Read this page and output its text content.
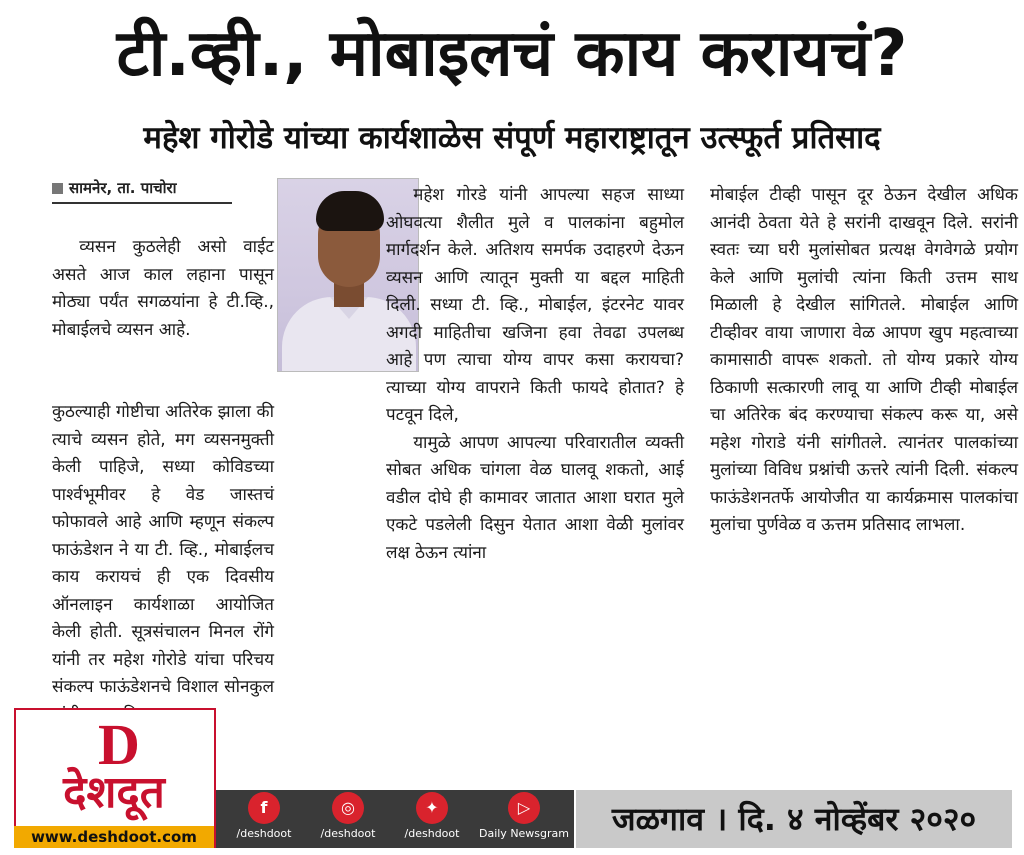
टी.व्ही., मोबाइलचं काय करायचं?
महेश गोरोडे यांच्या कार्यशाळेस संपूर्ण महाराष्ट्रातून उत्स्फूर्त प्रतिसाद
सामनेर, ता. पाचोरा

व्यसन कुठलेही असो वाईट असते आज काल लहाना पासून मोठ्या पर्यंत सगळयांना हे टी.व्हि., मोबाईलचे व्यसन आहे.

कुठल्याही गोष्टीचा अतिरेक झाला की त्याचे व्यसन होते, मग व्यसनमुक्ती केली पाहिजे, सध्या कोविडच्या पार्श्वभूमीवर हे वेड जास्तचं फोफावले आहे आणि म्हणून संकल्प फाऊंडेशन ने या टी. व्हि., मोबाईलच काय करायचं ही एक दिवसीय ऑनलाइन कार्यशाळा आयोजित केली होती. सूत्रसंचालन मिनल रोंगे यांनी तर महेश गोरोडे यांचा परिचय संकल्प फाऊंडेशनचे विशाल सोनकुल

महेश गोरडे यांनी आपल्या सहज साध्या ओघवत्या शैलीत मुले व पालकांना बहुमोल मार्गदर्शन केले. अतिशय समर्पक उदाहरणे देऊन व्यसन आणि त्यातून मुक्ती या बद्दल माहिती दिली. सध्या टी. व्हि., मोबाईल, इंटरनेट यावर अगदी माहितीचा खजिना हवा तेवढा उपलब्ध आहे पण त्याचा योग्य वापर कसा करायचा? त्याच्या योग्य वापराने किती फायदे होतात? हे पटवून दिले,

यामुळे आपण आपल्या परिवारातील व्यक्ती सोबत अधिक चांगला वेळ घालवू शकतो, आई वडील दोघे ही कामावर जातात आशा घरात मुले एकटे पडलेली दिसुन येतात आशा वेळी मुलांवर लक्ष ठेऊन त्यांना

मोबाईल टीव्ही पासून दूर ठेऊन देखील अधिक आनंदी ठेवता येते हे सरांनी दाखवून दिले. सरांनी स्वतः च्या घरी मुलांसोबत प्रत्यक्ष वेगवेगळे प्रयोग केले आणि मुलांची त्यांना किती उत्तम साथ मिळाली हे देखील सांगितले. मोबाईल आणि टीव्हीवर वाया जाणारा वेळ आपण खुप महत्वाच्या कामासाठी वापरू शकतो. तो योग्य प्रकारे योग्य ठिकाणी सत्कारणी लावू या आणि टीव्ही मोबाईल चा अतिरेक बंद करण्याचा संकल्प करू या, असे महेश गोराडे यंनी सांगीतले. त्यानंतर पालकांच्या मुलांच्या विविध प्रश्नांची ऊत्तरे त्यांनी दिली. संकल्प फाऊंडेशनतर्फे आयोजीत या कार्यक्रमास पालकांचा मुलांचा पुर्णवेळ व ऊत्तम प्रतिसाद लाभला.

D
देशदूत
www.deshdoot.com
f
/deshdoot
◎
/deshdoot
✦
/deshdoot
▷
Daily Newsgram	जळगाव । दि. ४ नोव्हेंबर २०२०
